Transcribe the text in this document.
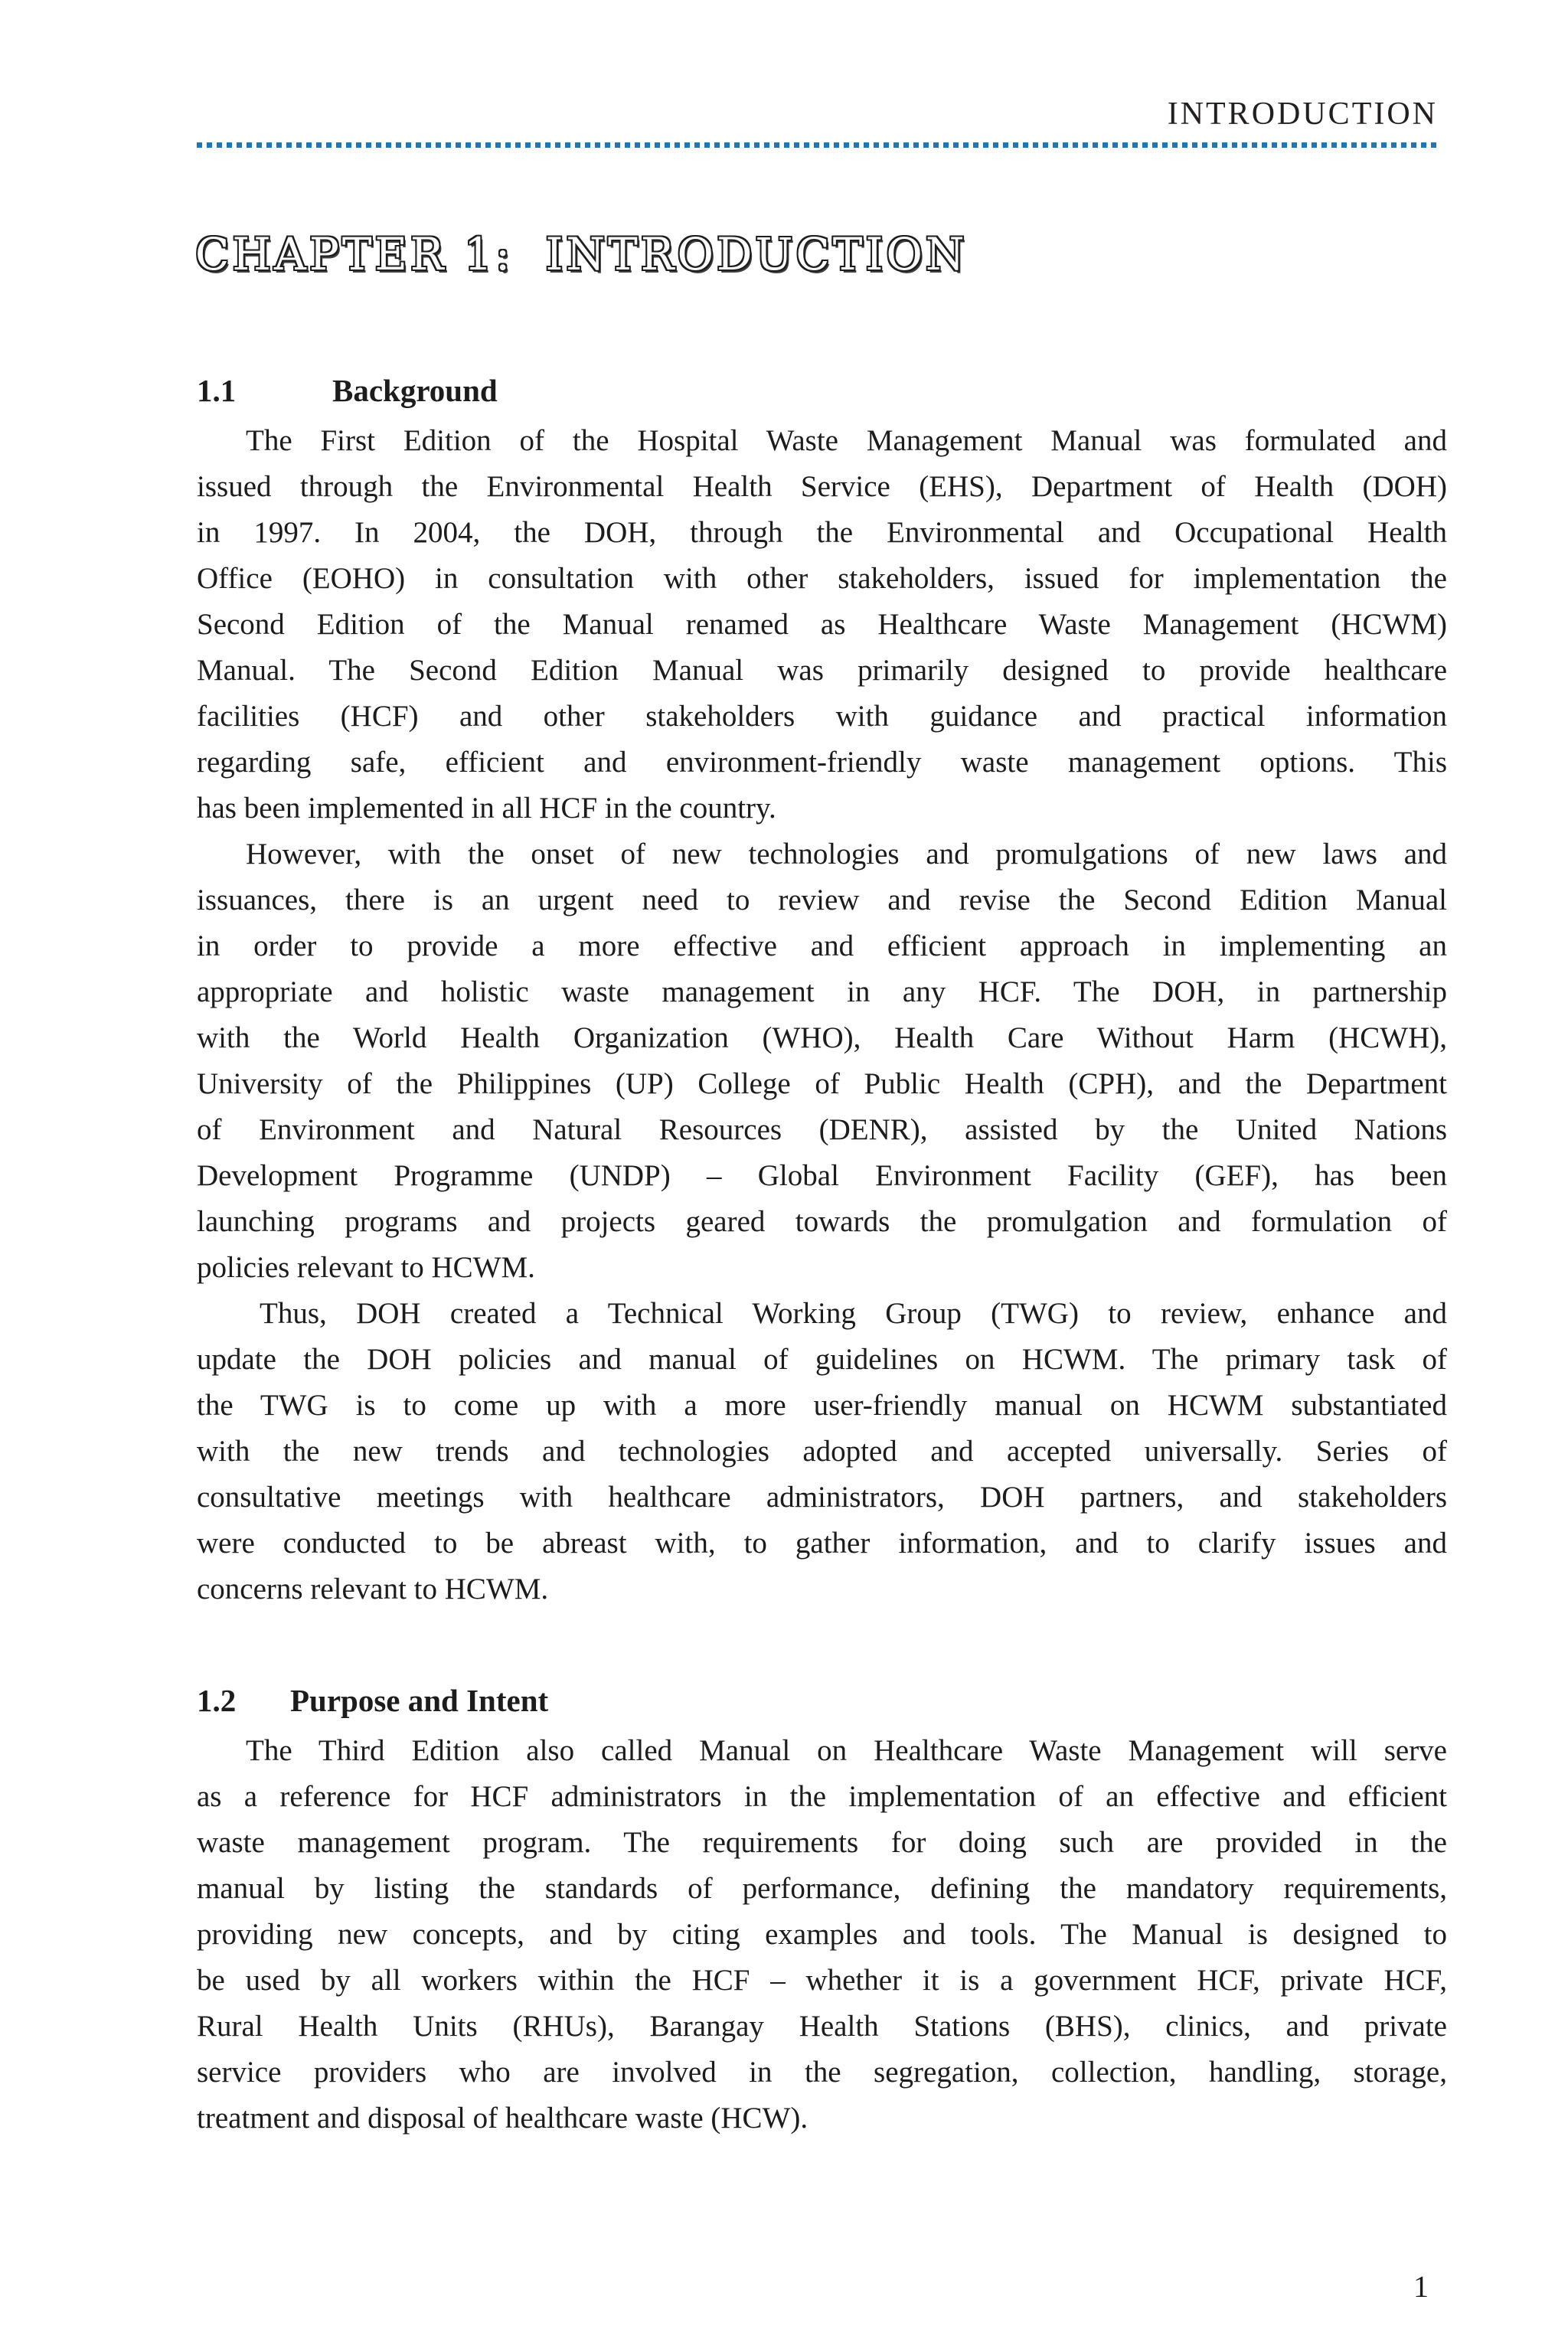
INTRODUCTION
CHAPTER 1: INTRODUCTION
1.1	Background
The First Edition of the Hospital Waste Management Manual was formulated and
issued through the Environmental Health Service (EHS), Department of Health (DOH)
in 1997. In 2004, the DOH, through the Environmental and Occupational Health
Office (EOHO) in consultation with other stakeholders, issued for implementation the
Second Edition of the Manual renamed as Healthcare Waste Management (HCWM)
Manual. The Second Edition Manual was primarily designed to provide healthcare
facilities (HCF) and other stakeholders with guidance and practical information
regarding safe, efficient and environment-friendly waste management options. This
has been implemented in all HCF in the country.
However, with the onset of new technologies and promulgations of new laws and
issuances, there is an urgent need to review and revise the Second Edition Manual
in order to provide a more effective and efficient approach in implementing an
appropriate and holistic waste management in any HCF. The DOH, in partnership
with the World Health Organization (WHO), Health Care Without Harm (HCWH),
University of the Philippines (UP) College of Public Health (CPH), and the Department
of Environment and Natural Resources (DENR), assisted by the United Nations
Development Programme (UNDP) – Global Environment Facility (GEF), has been
launching programs and projects geared towards the promulgation and formulation of
policies relevant to HCWM.
Thus, DOH created a Technical Working Group (TWG) to review, enhance and
update the DOH policies and manual of guidelines on HCWM. The primary task of
the TWG is to come up with a more user-friendly manual on HCWM substantiated
with the new trends and technologies adopted and accepted universally. Series of
consultative meetings with healthcare administrators, DOH partners, and stakeholders
were conducted to be abreast with, to gather information, and to clarify issues and
concerns relevant to HCWM.
1.2 Purpose and Intent
The Third Edition also called Manual on Healthcare Waste Management will serve
as a reference for HCF administrators in the implementation of an effective and efficient
waste management program. The requirements for doing such are provided in the
manual by listing the standards of performance, defining the mandatory requirements,
providing new concepts, and by citing examples and tools. The Manual is designed to
be used by all workers within the HCF – whether it is a government HCF, private HCF,
Rural Health Units (RHUs), Barangay Health Stations (BHS), clinics, and private
service providers who are involved in the segregation, collection, handling, storage,
treatment and disposal of healthcare waste (HCW).
1
